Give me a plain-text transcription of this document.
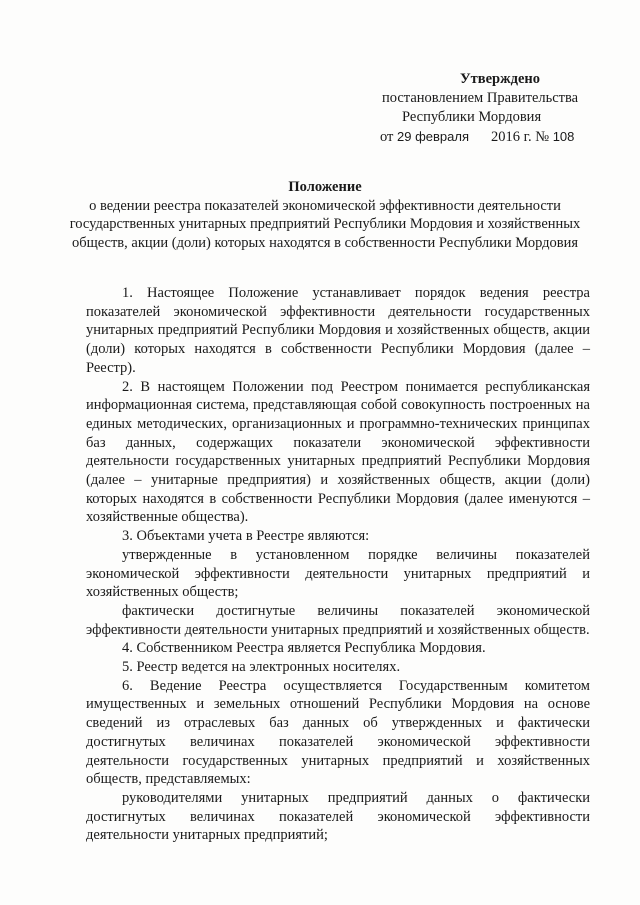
Утверждено
постановлением Правительства
Республики Мордовия
от 29 февраля 2016 г. № 108
Положение
о ведении реестра показателей экономической эффективности деятельности государственных унитарных предприятий Республики Мордовия и хозяйственных обществ, акции (доли) которых находятся в собственности Республики Мордовия

1. Настоящее Положение устанавливает порядок ведения реестра показателей экономической эффективности деятельности государственных унитарных предприятий Республики Мордовия и хозяйственных обществ, акции (доли) которых находятся в собственности Республики Мордовия (далее – Реестр).

2. В настоящем Положении под Реестром понимается республиканская информационная система, представляющая собой совокупность построенных на единых методических, организационных и программно-технических принципах баз данных, содержащих показатели экономической эффективности деятельности государственных унитарных предприятий Республики Мордовия (далее – унитарные предприятия) и хозяйственных обществ, акции (доли) которых находятся в собственности Республики Мордовия (далее именуются – хозяйственные общества).

3. Объектами учета в Реестре являются:

утвержденные в установленном порядке величины показателей экономической эффективности деятельности унитарных предприятий и хозяйственных обществ;

фактически достигнутые величины показателей экономической эффективности деятельности унитарных предприятий и хозяйственных обществ.

4. Собственником Реестра является Республика Мордовия.

5. Реестр ведется на электронных носителях.

6. Ведение Реестра осуществляется Государственным комитетом имущественных и земельных отношений Республики Мордовия на основе сведений из отраслевых баз данных об утвержденных и фактически достигнутых величинах показателей экономической эффективности деятельности государственных унитарных предприятий и хозяйственных обществ, представляемых:

руководителями унитарных предприятий данных о фактически достигнутых величинах показателей экономической эффективности деятельности унитарных предприятий;
